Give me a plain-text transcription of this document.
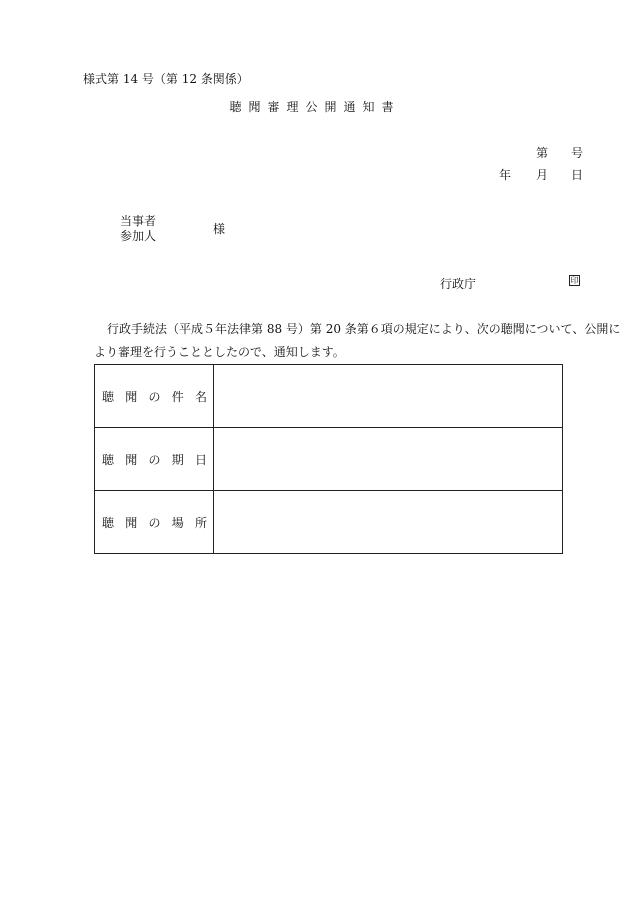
様式第 14 号（第 12 条関係）
聴聞審理公開通知書
第 号
年 月 日
当事者
参加人	様
行政庁	印
行政手続法（平成５年法律第 88 号）第 20 条第６項の規定により、次の聴聞について、公開に
より審理を行うこととしたので、通知します。
聴 聞 の 件 名	

聴 聞 の 期 日	

聴 聞 の 場 所	
